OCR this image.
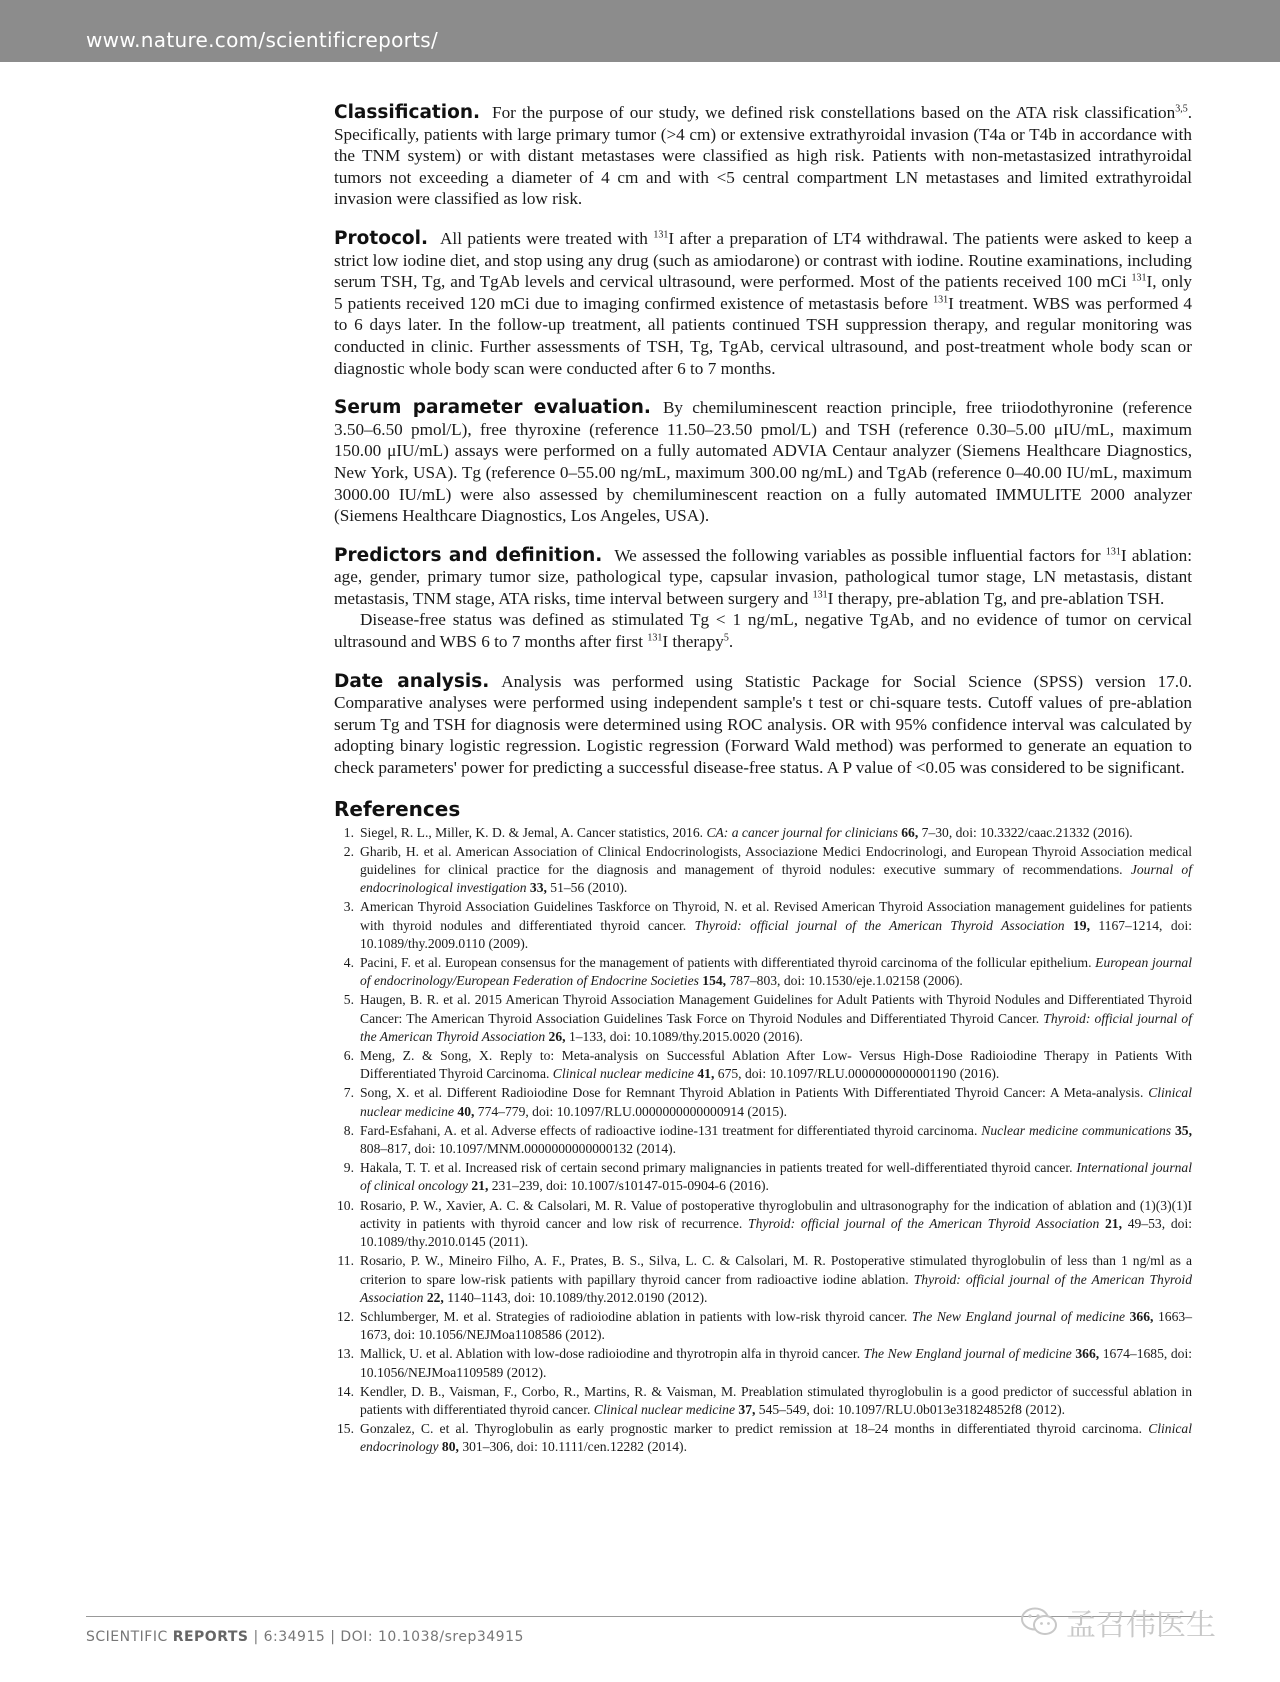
www.nature.com/scientificreports/

Classification. For the purpose of our study, we defined risk constellations based on the ATA risk classification$^{3,5}$. Specifically, patients with large primary tumor (>4 cm) or extensive extrathyroidal invasion (T4a or T4b in accordance with the TNM system) or with distant metastases were classified as high risk. Patients with non-metastasized intrathyroidal tumors not exceeding a diameter of 4 cm and with <5 central compartment LN metastases and limited extrathyroidal invasion were classified as low risk.

Protocol. All patients were treated with $^{131}$I after a preparation of LT4 withdrawal. The patients were asked to keep a strict low iodine diet, and stop using any drug (such as amiodarone) or contrast with iodine. Routine examinations, including serum TSH, Tg, and TgAb levels and cervical ultrasound, were performed. Most of the patients received 100 mCi $^{131}$I, only 5 patients received 120 mCi due to imaging confirmed existence of metastasis before $^{131}$I treatment. WBS was performed 4 to 6 days later. In the follow-up treatment, all patients continued TSH suppression therapy, and regular monitoring was conducted in clinic. Further assessments of TSH, Tg, TgAb, cervical ultrasound, and post-treatment whole body scan or diagnostic whole body scan were conducted after 6 to 7 months.

Serum parameter evaluation. By chemiluminescent reaction principle, free triiodothyronine (reference 3.50–6.50 pmol/L), free thyroxine (reference 11.50–23.50 pmol/L) and TSH (reference 0.30–5.00 μIU/mL, maximum 150.00 μIU/mL) assays were performed on a fully automated ADVIA Centaur analyzer (Siemens Healthcare Diagnostics, New York, USA). Tg (reference 0–55.00 ng/mL, maximum 300.00 ng/mL) and TgAb (reference 0–40.00 IU/mL, maximum 3000.00 IU/mL) were also assessed by chemiluminescent reaction on a fully automated IMMULITE 2000 analyzer (Siemens Healthcare Diagnostics, Los Angeles, USA).

Predictors and definition. We assessed the following variables as possible influential factors for $^{131}$I ablation: age, gender, primary tumor size, pathological type, capsular invasion, pathological tumor stage, LN metastasis, distant metastasis, TNM stage, ATA risks, time interval between surgery and $^{131}$I therapy, pre-ablation Tg, and pre-ablation TSH.

Disease-free status was defined as stimulated Tg < 1 ng/mL, negative TgAb, and no evidence of tumor on cervical ultrasound and WBS 6 to 7 months after first $^{131}$I therapy$^5$.

Date analysis. Analysis was performed using Statistic Package for Social Science (SPSS) version 17.0. Comparative analyses were performed using independent sample's t test or chi-square tests. Cutoff values of pre-ablation serum Tg and TSH for diagnosis were determined using ROC analysis. OR with 95% confidence interval was calculated by adopting binary logistic regression. Logistic regression (Forward Wald method) was performed to generate an equation to check parameters' power for predicting a successful disease-free status. A P value of <0.05 was considered to be significant.

References
1. Siegel, R. L., Miller, K. D. & Jemal, A. Cancer statistics, 2016. CA: a cancer journal for clinicians 66, 7–30, doi: 10.3322/caac.21332 (2016).
2. Gharib, H. et al. American Association of Clinical Endocrinologists, Associazione Medici Endocrinologi, and European Thyroid Association medical guidelines for clinical practice for the diagnosis and management of thyroid nodules: executive summary of recommendations. Journal of endocrinological investigation 33, 51–56 (2010).
3. American Thyroid Association Guidelines Taskforce on Thyroid, N. et al. Revised American Thyroid Association management guidelines for patients with thyroid nodules and differentiated thyroid cancer. Thyroid: official journal of the American Thyroid Association 19, 1167–1214, doi: 10.1089/thy.2009.0110 (2009).
4. Pacini, F. et al. European consensus for the management of patients with differentiated thyroid carcinoma of the follicular epithelium. European journal of endocrinology/European Federation of Endocrine Societies 154, 787–803, doi: 10.1530/eje.1.02158 (2006).
5. Haugen, B. R. et al. 2015 American Thyroid Association Management Guidelines for Adult Patients with Thyroid Nodules and Differentiated Thyroid Cancer: The American Thyroid Association Guidelines Task Force on Thyroid Nodules and Differentiated Thyroid Cancer. Thyroid: official journal of the American Thyroid Association 26, 1–133, doi: 10.1089/thy.2015.0020 (2016).
6. Meng, Z. & Song, X. Reply to: Meta-analysis on Successful Ablation After Low- Versus High-Dose Radioiodine Therapy in Patients With Differentiated Thyroid Carcinoma. Clinical nuclear medicine 41, 675, doi: 10.1097/RLU.0000000000001190 (2016).
7. Song, X. et al. Different Radioiodine Dose for Remnant Thyroid Ablation in Patients With Differentiated Thyroid Cancer: A Meta-analysis. Clinical nuclear medicine 40, 774–779, doi: 10.1097/RLU.0000000000000914 (2015).
8. Fard-Esfahani, A. et al. Adverse effects of radioactive iodine-131 treatment for differentiated thyroid carcinoma. Nuclear medicine communications 35, 808–817, doi: 10.1097/MNM.0000000000000132 (2014).
9. Hakala, T. T. et al. Increased risk of certain second primary malignancies in patients treated for well-differentiated thyroid cancer. International journal of clinical oncology 21, 231–239, doi: 10.1007/s10147-015-0904-6 (2016).
10. Rosario, P. W., Xavier, A. C. & Calsolari, M. R. Value of postoperative thyroglobulin and ultrasonography for the indication of ablation and (1)(3)(1)I activity in patients with thyroid cancer and low risk of recurrence. Thyroid: official journal of the American Thyroid Association 21, 49–53, doi: 10.1089/thy.2010.0145 (2011).
11. Rosario, P. W., Mineiro Filho, A. F., Prates, B. S., Silva, L. C. & Calsolari, M. R. Postoperative stimulated thyroglobulin of less than 1 ng/ml as a criterion to spare low-risk patients with papillary thyroid cancer from radioactive iodine ablation. Thyroid: official journal of the American Thyroid Association 22, 1140–1143, doi: 10.1089/thy.2012.0190 (2012).
12. Schlumberger, M. et al. Strategies of radioiodine ablation in patients with low-risk thyroid cancer. The New England journal of medicine 366, 1663–1673, doi: 10.1056/NEJMoa1108586 (2012).
13. Mallick, U. et al. Ablation with low-dose radioiodine and thyrotropin alfa in thyroid cancer. The New England journal of medicine 366, 1674–1685, doi: 10.1056/NEJMoa1109589 (2012).
14. Kendler, D. B., Vaisman, F., Corbo, R., Martins, R. & Vaisman, M. Preablation stimulated thyroglobulin is a good predictor of successful ablation in patients with differentiated thyroid cancer. Clinical nuclear medicine 37, 545–549, doi: 10.1097/RLU.0b013e31824852f8 (2012).
15. Gonzalez, C. et al. Thyroglobulin as early prognostic marker to predict remission at 18–24 months in differentiated thyroid carcinoma. Clinical endocrinology 80, 301–306, doi: 10.1111/cen.12282 (2014).
SCIENTIFIC REPORTS | 6:34915 | DOI: 10.1038/srep34915	孟召伟医生
